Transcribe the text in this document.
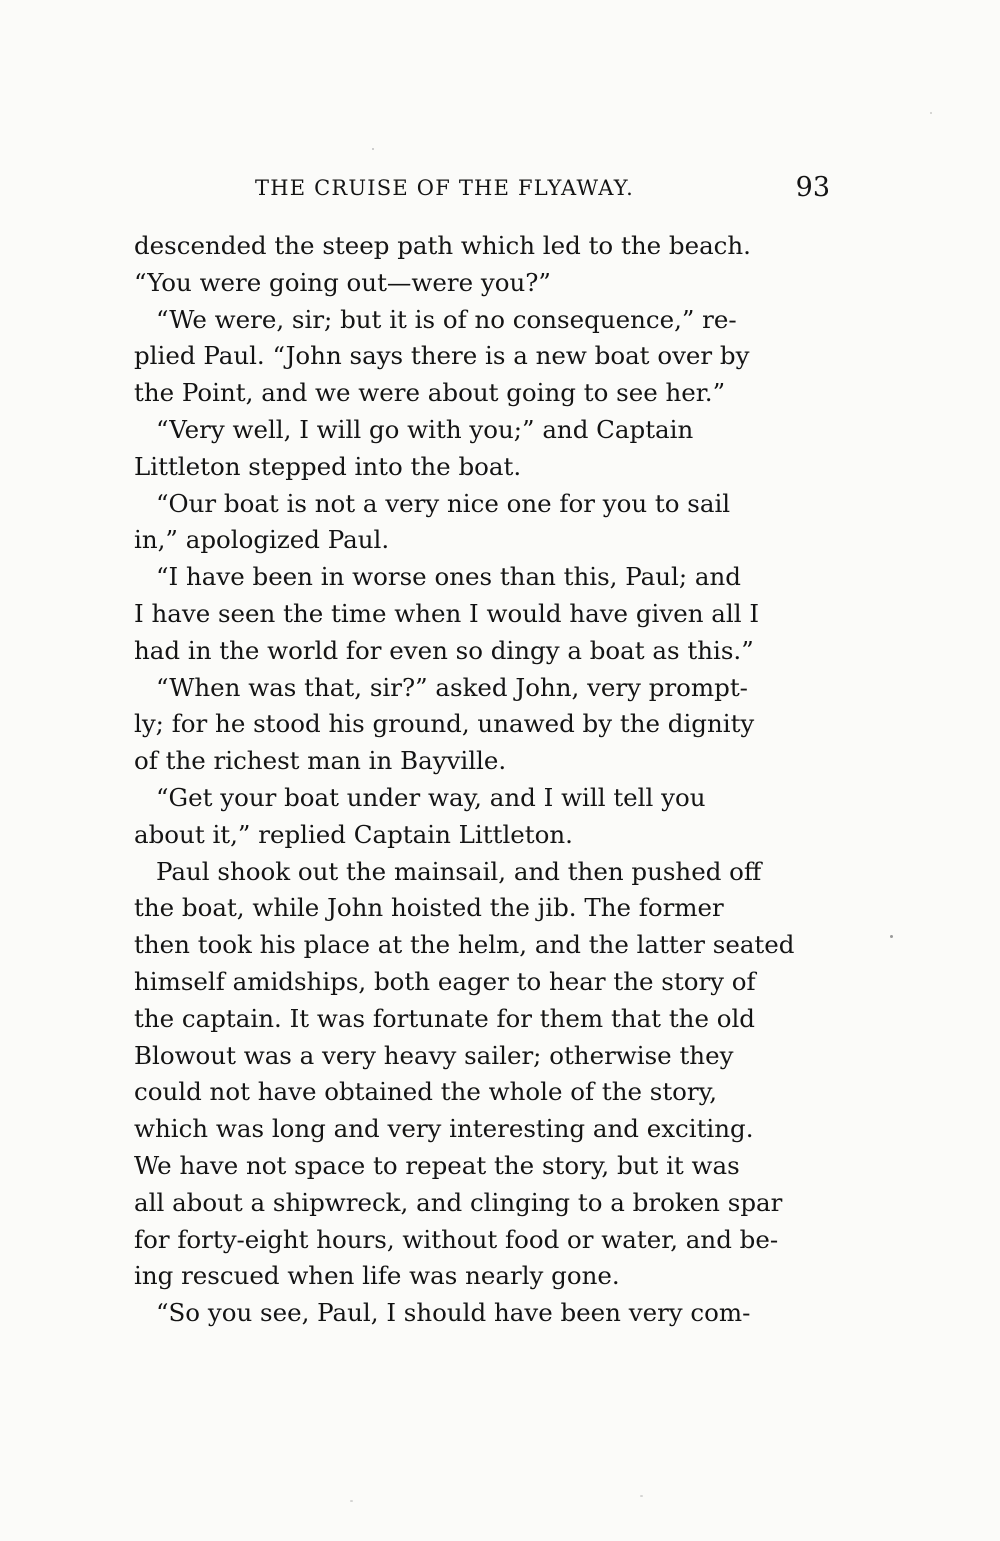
THE CRUISE OF THE FLYAWAY.	93
descended the steep path which led to the beach.
“You were going out—were you?”
“We were, sir; but it is of no consequence,” re-
plied Paul. “John says there is a new boat over by
the Point, and we were about going to see her.”
“Very well, I will go with you;” and Captain
Littleton stepped into the boat.
“Our boat is not a very nice one for you to sail
in,” apologized Paul.
“I have been in worse ones than this, Paul; and
I have seen the time when I would have given all I
had in the world for even so dingy a boat as this.”
“When was that, sir?” asked John, very prompt-
ly; for he stood his ground, unawed by the dignity
of the richest man in Bayville.
“Get your boat under way, and I will tell you
about it,” replied Captain Littleton.
Paul shook out the mainsail, and then pushed off
the boat, while John hoisted the jib. The former
then took his place at the helm, and the latter seated
himself amidships, both eager to hear the story of
the captain. It was fortunate for them that the old
Blowout was a very heavy sailer; otherwise they
could not have obtained the whole of the story,
which was long and very interesting and exciting.
We have not space to repeat the story, but it was
all about a shipwreck, and clinging to a broken spar
for forty-eight hours, without food or water, and be-
ing rescued when life was nearly gone.
“So you see, Paul, I should have been very com-
